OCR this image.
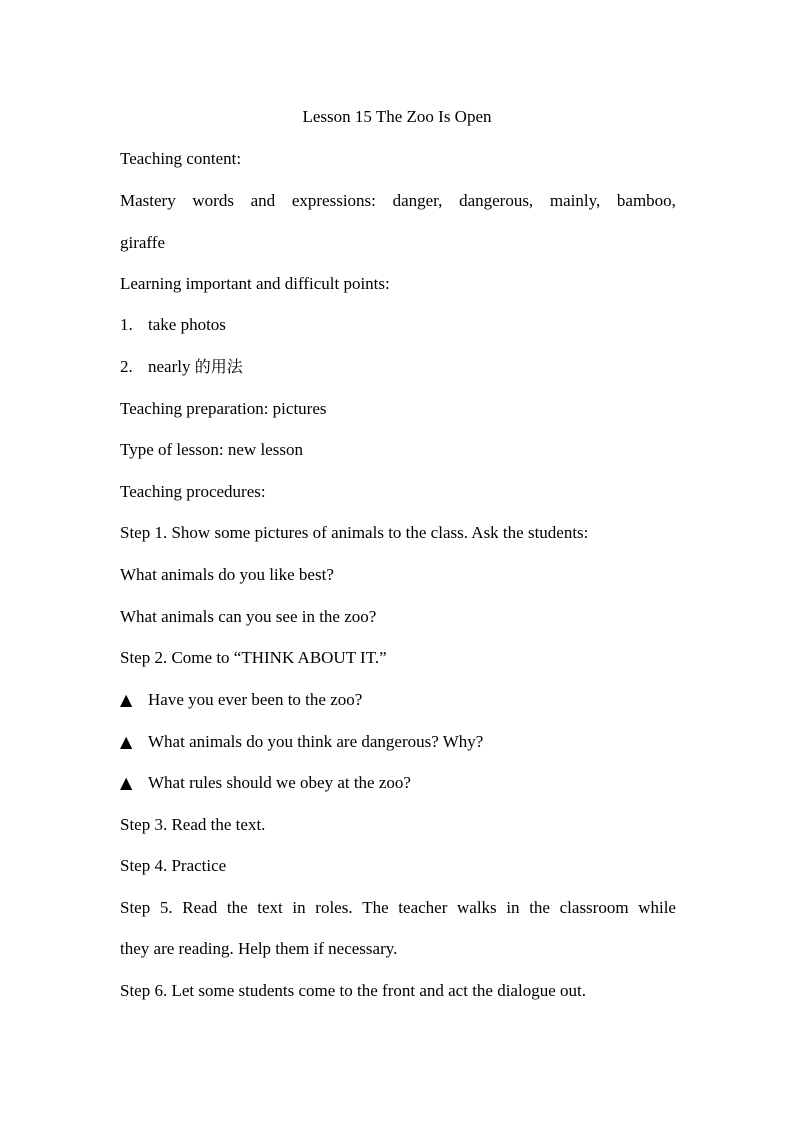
Lesson 15 The Zoo Is Open
Teaching content:
Mastery words and expressions: danger, dangerous, mainly, bamboo,
giraffe
Learning important and difficult points:
1. take photos
2. nearly 的用法
Teaching preparation: pictures
Type of lesson: new lesson
Teaching procedures:
Step 1. Show some pictures of animals to the class. Ask the students:
What animals do you like best?
What animals can you see in the zoo?
Step 2. Come to “THINK ABOUT IT.”
▲ Have you ever been to the zoo?
▲ What animals do you think are dangerous? Why?
▲ What rules should we obey at the zoo?
Step 3. Read the text.
Step 4. Practice
Step 5. Read the text in roles. The teacher walks in the classroom while
they are reading. Help them if necessary.
Step 6. Let some students come to the front and act the dialogue out.
